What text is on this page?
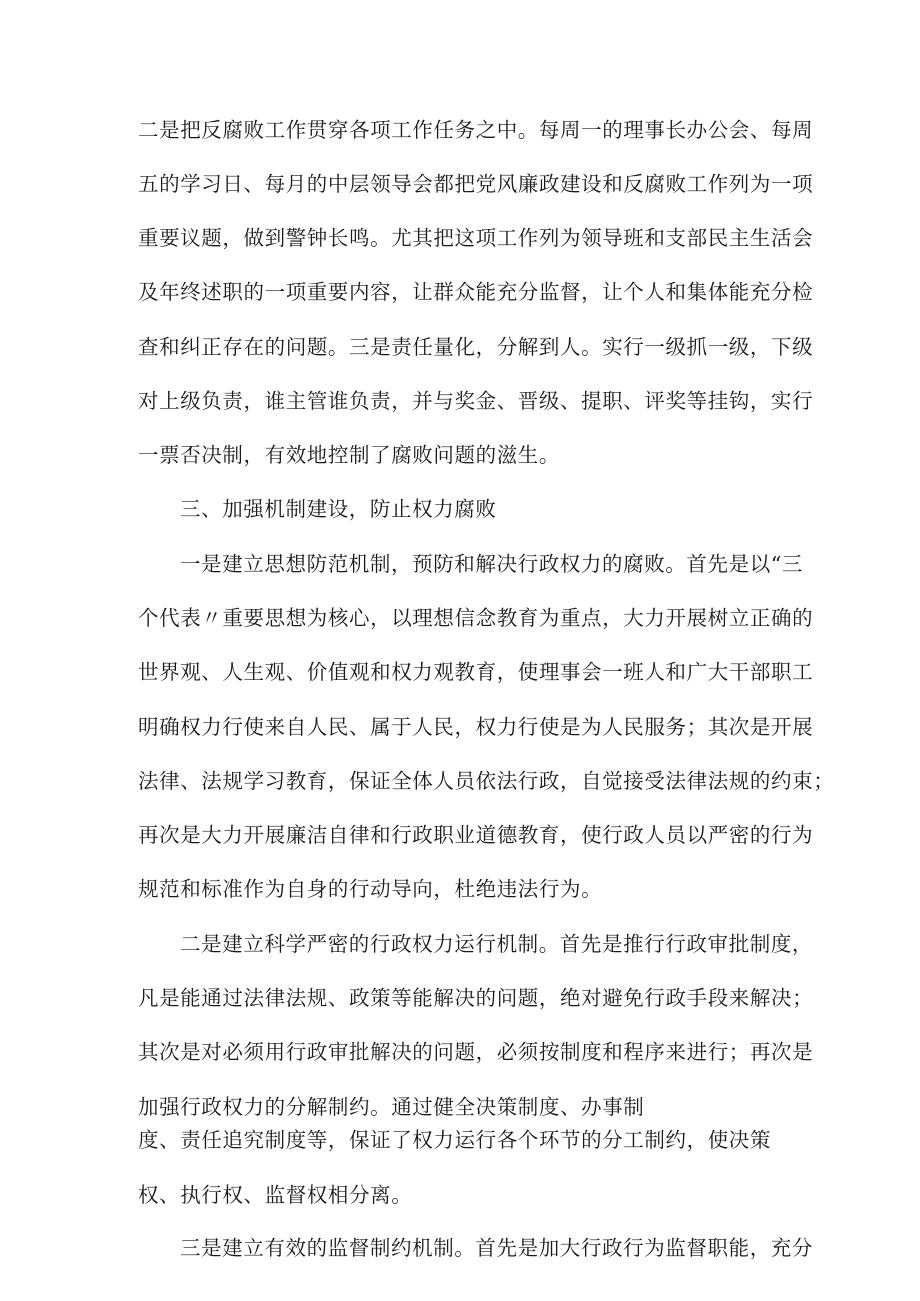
二是把反腐败工作贯穿各项工作任务之中。每周一的理事长办公会、每周
五的学习日、每月的中层领导会都把党风廉政建设和反腐败工作列为一项
重要议题，做到警钟长鸣。尤其把这项工作列为领导班和支部民主生活会
及年终述职的一项重要内容，让群众能充分监督，让个人和集体能充分检
查和纠正存在的问题。三是责任量化，分解到人。实行一级抓一级，下级
对上级负责，谁主管谁负责，并与奖金、晋级、提职、评奖等挂钩，实行
一票否决制，有效地控制了腐败问题的滋生。
三、加强机制建设，防止权力腐败
一是建立思想防范机制，预防和解决行政权力的腐败。首先是以“三
个代表〃重要思想为核心，以理想信念教育为重点，大力开展树立正确的
世界观、人生观、价值观和权力观教育，使理事会一班人和广大干部职工
明确权力行使来自人民、属于人民，权力行使是为人民服务；其次是开展
法律、法规学习教育，保证全体人员依法行政，自觉接受法律法规的约束；
再次是大力开展廉洁自律和行政职业道德教育，使行政人员以严密的行为
规范和标准作为自身的行动导向，杜绝违法行为。
二是建立科学严密的行政权力运行机制。首先是推行行政审批制度，
凡是能通过法律法规、政策等能解决的问题，绝对避免行政手段来解决；
其次是对必须用行政审批解决的问题，必须按制度和程序来进行；再次是
加强行政权力的分解制约。通过健全决策制度、办事制
度、责任追究制度等，保证了权力运行各个环节的分工制约，使决策
权、执行权、监督权相分离。
三是建立有效的监督制约机制。首先是加大行政行为监督职能，充分
